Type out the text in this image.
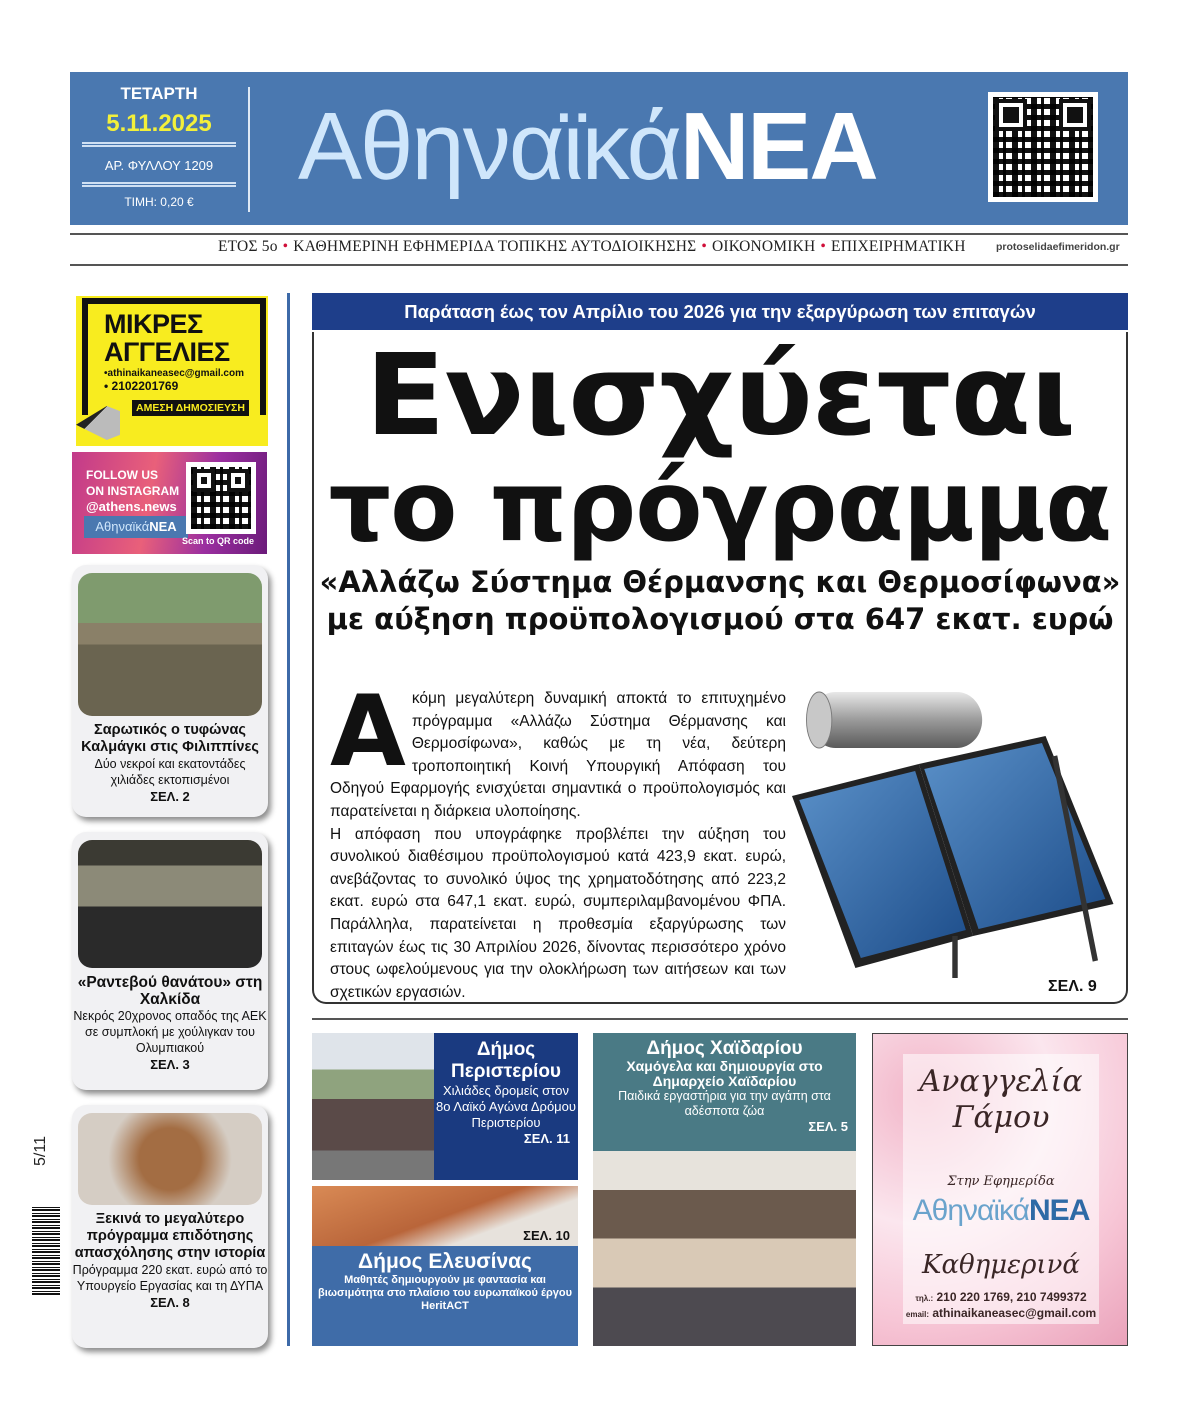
ΤΕΤΑΡΤΗ
5.11.2025
ΑΡ. ΦΥΛΛΟΥ 1209
ΤΙΜΗ: 0,20 €
ΑθηναϊκάΝΕΑ
ΕΤΟΣ 5ο • ΚΑΘΗΜΕΡΙΝΗ ΕΦΗΜΕΡΙΔΑ ΤΟΠΙΚΗΣ ΑΥΤΟΔΙΟΙΚΗΣΗΣ • ΟΙΚΟΝΟΜΙΚΗ • ΕΠΙΧΕΙΡΗΜΑΤΙΚΗ	protoselidaefimeridon.gr
ΜΙΚΡΕΣ
ΑΓΓΕΛΙΕΣ
•athinaikaneasec@gmail.com
• 2102201769
ΑΜΕΣΗ ΔΗΜΟΣΙΕΥΣΗ
FOLLOW US
ON INSTAGRAM
@athens.news
ΑθηναϊκάΝΕΑ
Scan to QR code
Σαρωτικός ο τυφώνας Καλμάγκι στις Φιλιππίνες

Δύο νεκροί και εκατοντάδες χιλιάδες εκτοπισμένοι

ΣΕΛ. 2
«Ραντεβού θανάτου» στη Χαλκίδα

Νεκρός 20χρονος οπαδός της ΑΕΚ σε συμπλοκή με χούλιγκαν του Ολυμπιακού

ΣΕΛ. 3
Ξεκινά το μεγαλύτερο πρόγραμμα επιδότησης απασχόλησης στην ιστορία

Πρόγραμμα 220 εκατ. ευρώ από το Υπουργείο Εργασίας και τη ΔΥΠΑ

ΣΕΛ. 8
5/11
Παράταση έως τον Απρίλιο του 2026 για την εξαργύρωση των επιταγών
Ενισχύεται
το πρόγραμμα
«Αλλάζω Σύστημα Θέρμανσης και Θερμοσίφωνα» με αύξηση προϋπολογισμού στα 647 εκατ. ευρώ
Ακόμη μεγαλύτερη δυναμική αποκτά το επιτυχημένο πρόγραμμα «Αλλάζω Σύστημα Θέρμανσης και Θερμοσίφωνα», καθώς με τη νέα, δεύτερη τροποποιητική Κοινή Υπουργική Απόφαση του Οδηγού Εφαρμογής ενισχύεται σημαντικά ο προϋπολογισμός και παρατείνεται η διάρκεια υλοποίησης.
Η απόφαση που υπογράφηκε προβλέπει την αύξηση του συνολικού διαθέσιμου προϋπολογισμού κατά 423,9 εκατ. ευρώ, ανεβάζοντας το συνολικό ύψος της χρηματοδότησης από 223,2 εκατ. ευρώ στα 647,1 εκατ. ευρώ, συμπεριλαμβανομένου ΦΠΑ. Παράλληλα, παρατείνεται η προθεσμία εξαργύρωσης των επιταγών έως τις 30 Απριλίου 2026, δίνοντας περισσότερο χρόνο στους ωφελούμενους για την ολοκλήρωση των αιτήσεων και των σχετικών εργασιών.	ΣΕΛ. 9
Δήμος Περιστερίου

Χιλιάδες δρομείς στον 8ο Λαϊκό Αγώνα Δρόμου Περιστερίου

ΣΕΛ. 11
ΣΕΛ. 10
Δήμος Ελευσίνας

Μαθητές δημιουργούν με φαντασία και βιωσιμότητα στο πλαίσιο του ευρωπαϊκού έργου HeritACT

Δήμος Χαϊδαρίου
Χαμόγελα και δημιουργία στο Δημαρχείο Χαϊδαρίου

Παιδικά εργαστήρια για την αγάπη στα αδέσποτα ζώα

ΣΕΛ. 5
Αναγγελία Γάμου
Στην Εφημερίδα
ΑθηναϊκάΝΕΑ
Καθημερινά
τηλ.: 210 220 1769, 210 7499372
email: athinaikaneasec@gmail.com
